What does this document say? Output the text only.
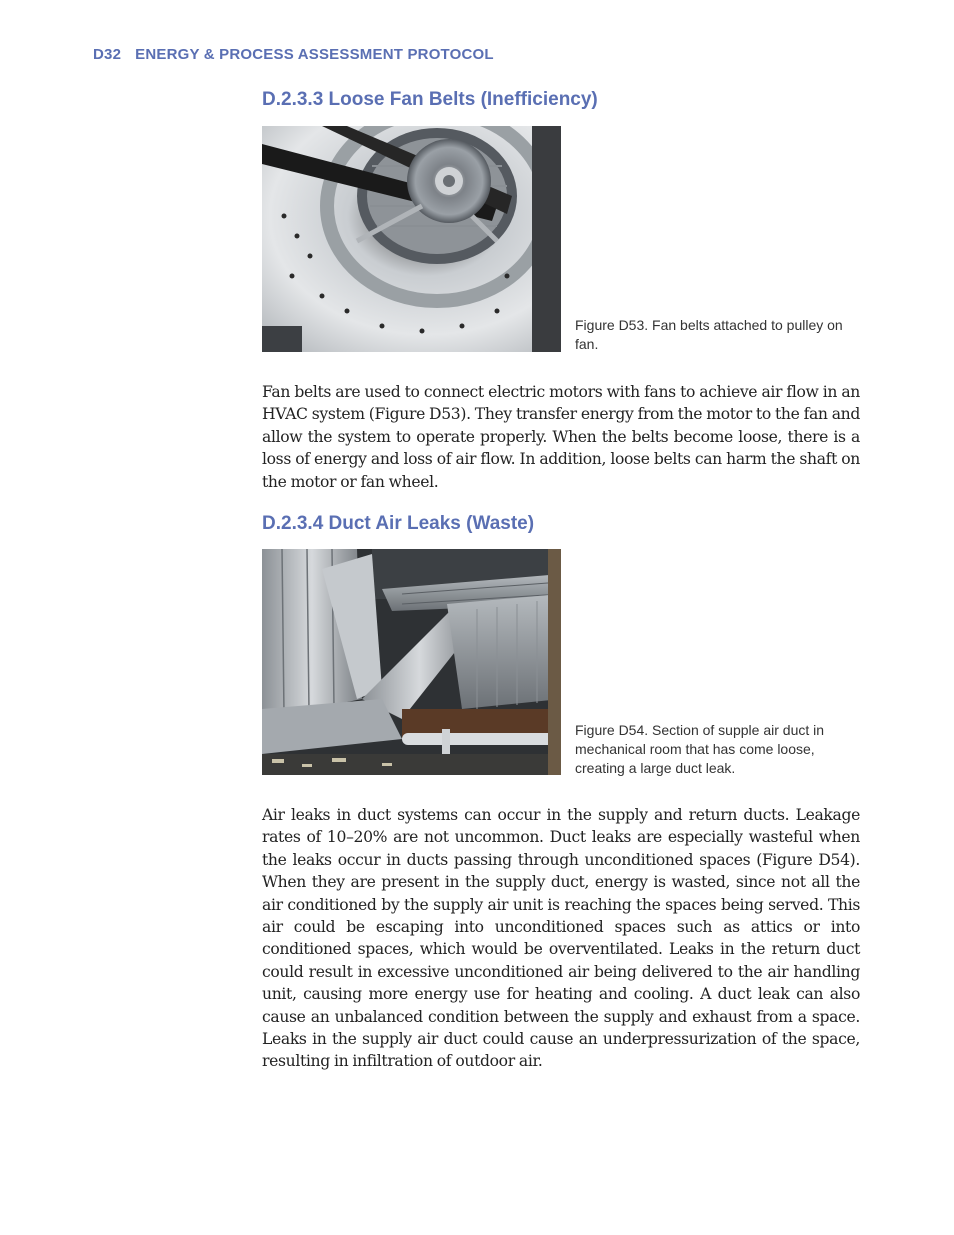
D32 ENERGY & PROCESS ASSESSMENT PROTOCOL
D.2.3.3 Loose Fan Belts (Inefficiency)

Figure D53. Fan belts attached to pulley on fan.

Fan belts are used to connect electric motors with fans to achieve air flow in an HVAC system (Figure D53). They transfer energy from the motor to the fan and allow the system to operate properly. When the belts become loose, there is a loss of energy and loss of air flow. In addition, loose belts can harm the shaft on the motor or fan wheel.

D.2.3.4 Duct Air Leaks (Waste)

Figure D54. Section of supple air duct in mechanical room that has come loose, creating a large duct leak.

Air leaks in duct systems can occur in the supply and return ducts. Leakage rates of 10–20% are not uncommon. Duct leaks are especially wasteful when the leaks occur in ducts passing through unconditioned spaces (Figure D54). When they are present in the supply duct, energy is wasted, since not all the air conditioned by the supply air unit is reaching the spaces being served. This air could be escaping into unconditioned spaces such as attics or into conditioned spaces, which would be overventilated. Leaks in the return duct could result in excessive unconditioned air being delivered to the air handling unit, causing more energy use for heating and cooling. A duct leak can also cause an unbalanced condition between the supply and exhaust from a space. Leaks in the supply air duct could cause an underpressurization of the space, resulting in infiltration of outdoor air.
